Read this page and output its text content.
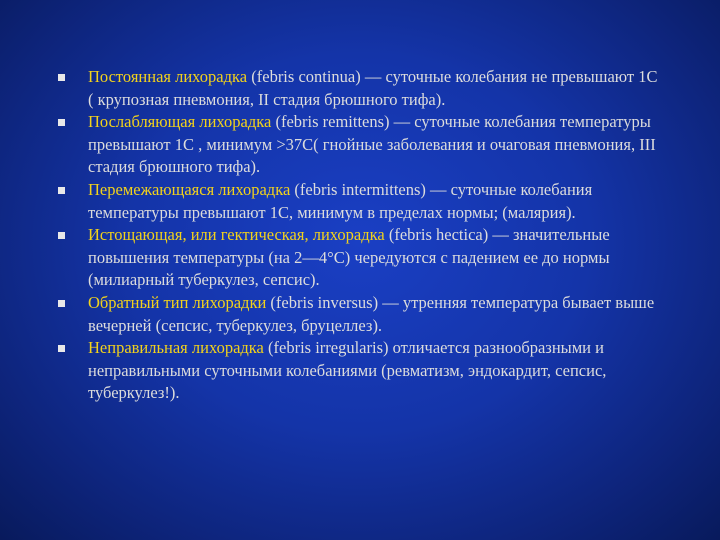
Постоянная лихорадка (febris continua) — суточные колебания не превышают 1С ( крупозная пневмония, II стадия брюшного тифа).
Послабляющая лихорадка (febris remittens) — суточные колебания температуры превышают 1С , минимум >37С( гнойные заболевания и очаговая пневмония, III стадия брюшного тифа).
Перемежающаяся лихорадка (febris intermittens) — суточные колебания температуры превышают 1С, минимум в пределах нормы; (малярия).
Истощающая, или гектическая, лихорадка (febris hectica) — значительные повышения температуры (на 2—4°С) чередуются с падением ее до нормы (милиарный туберкулез, сепсис).
Обратный тип лихорадки (febris inversus) — утренняя температура бывает выше вечерней (сепсис, туберкулез, бруцеллез).
Неправильная лихорадка (febris irregularis) отличается разнообразными и неправильными суточными колебаниями (ревматизм, эндокардит, сепсис, туберкулез!).
